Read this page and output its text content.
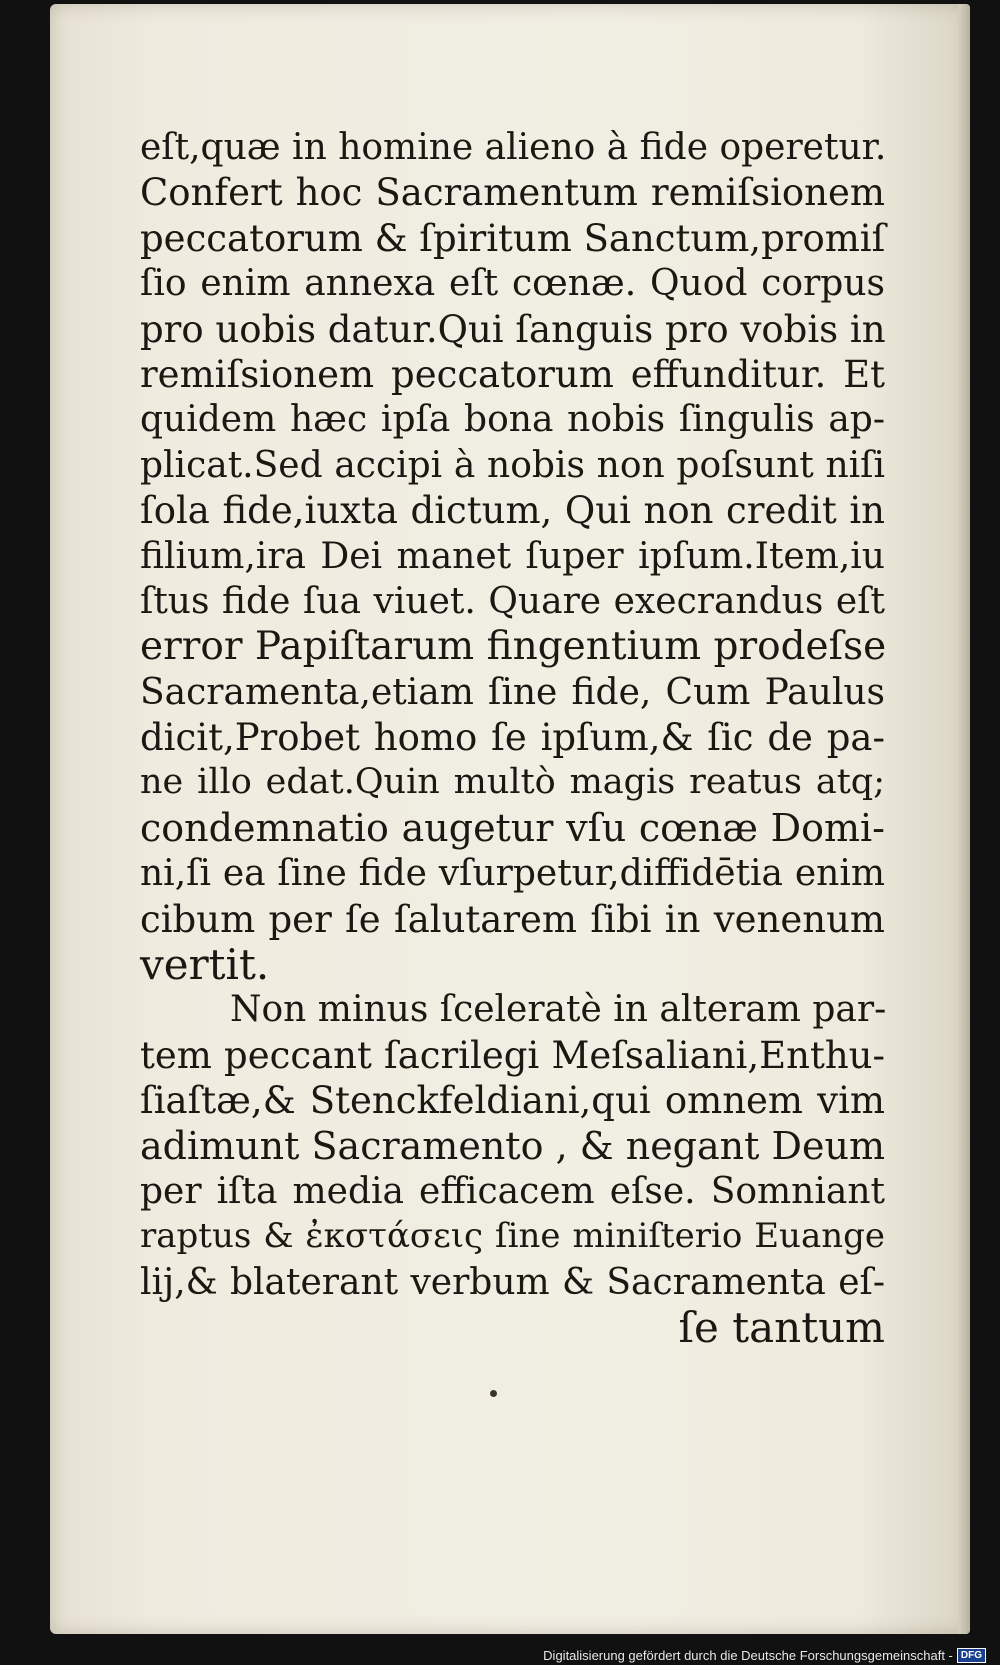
eſt,quæ in homine alieno à fide operetur.
Confert hoc Sacramentum remiſsionem
peccatorum & ſpiritum Sanctum,promiſ
ſio enim annexa eſt cœnæ. Quod corpus
pro uobis datur.Qui ſanguis pro vobis in
remiſsionem peccatorum effunditur. Et
quidem hæc ipſa bona nobis ſingulis ap-
plicat.Sed accipi à nobis non poſsunt niſi
ſola fide,iuxta dictum, Qui non credit in
filium,ira Dei manet ſuper ipſum.Item,iu
ſtus fide ſua viuet. Quare execrandus eſt
error Papiſtarum fingentium prodeſse
Sacramenta,etiam ſine fide, Cum Paulus
dicit,Probet homo ſe ipſum,& ſic de pa-
ne illo edat.Quin multò magis reatus atq;
condemnatio augetur vſu cœnæ Domi-
ni,ſi ea ſine fide vſurpetur,diffidētia enim
cibum per ſe ſalutarem ſibi in venenum
vertit.
Non minus ſceleratè in alteram par-
tem peccant ſacrilegi Meſsaliani,Enthu-
ſiaſtæ,& Stenckfeldiani,qui omnem vim
adimunt Sacramento , & negant Deum
per iſta media efficacem eſse. Somniant
raptus & ἐκστάσεις ſine miniſterio Euange
lij,& blaterant verbum & Sacramenta eſ-
ſe tantum
Digitalisierung gefördert durch die Deutsche Forschungsgemeinschaft - DFG
